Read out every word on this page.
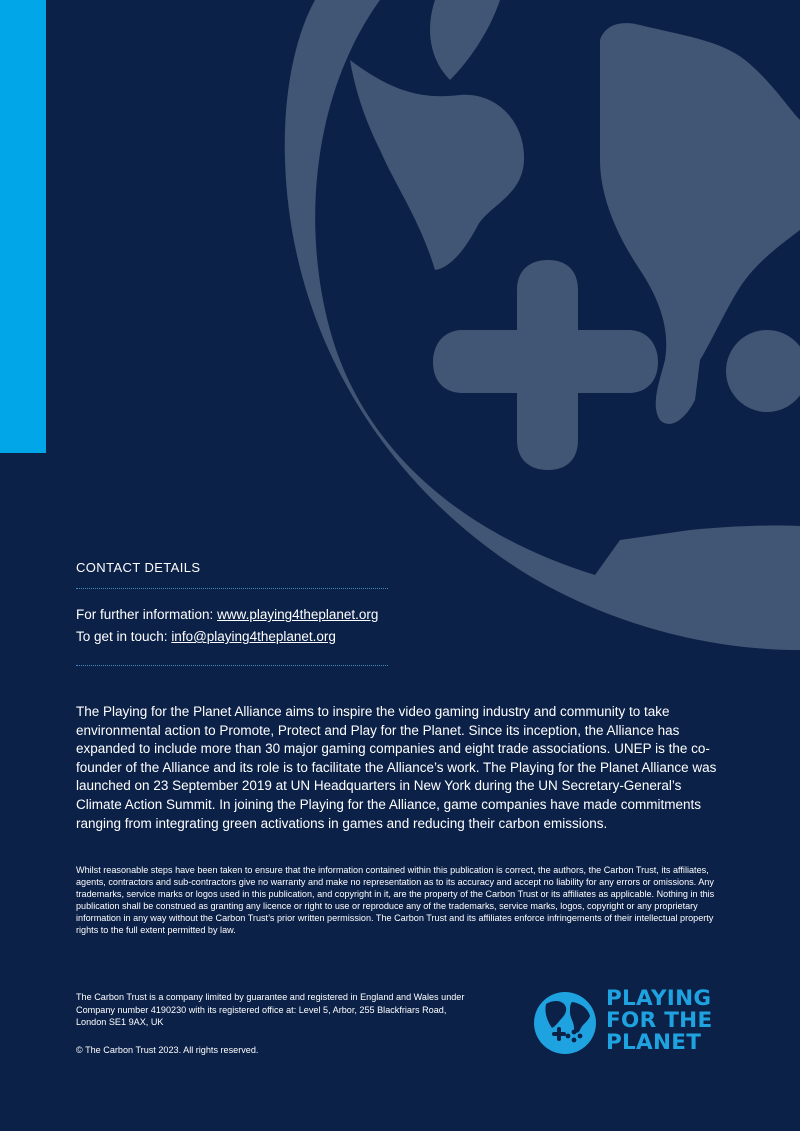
CONTACT DETAILS
For further information: www.playing4theplanet.org
To get in touch: info@playing4theplanet.org

The Playing for the Planet Alliance aims to inspire the video gaming industry and community to take environmental action to Promote, Protect and Play for the Planet. Since its inception, the Alliance has expanded to include more than 30 major gaming companies and eight trade associations. UNEP is the co-founder of the Alliance and its role is to facilitate the Alliance’s work. The Playing for the Planet Alliance was launched on 23 September 2019 at UN Headquarters in New York during the UN Secretary-General’s Climate Action Summit. In joining the Playing for the Alliance, game companies have made commitments ranging from integrating green activations in games and reducing their carbon emissions.

Whilst reasonable steps have been taken to ensure that the information contained within this publication is correct, the authors, the Carbon Trust, its affiliates, agents, contractors and sub-contractors give no warranty and make no representation as to its accuracy and accept no liability for any errors or omissions. Any trademarks, service marks or logos used in this publication, and copyright in it, are the property of the Carbon Trust or its affiliates as applicable. Nothing in this publication shall be construed as granting any licence or right to use or reproduce any of the trademarks, service marks, logos, copyright or any proprietary information in any way without the Carbon Trust’s prior written permission. The Carbon Trust and its affiliates enforce infringements of their intellectual property rights to the full extent permitted by law.

The Carbon Trust is a company limited by guarantee and registered in England and Wales under Company number 4190230 with its registered office at: Level 5, Arbor, 255 Blackfriars Road, London SE1 9AX, UK

© The Carbon Trust 2023. All rights reserved.
PLAYING
FOR THE
PLANET
